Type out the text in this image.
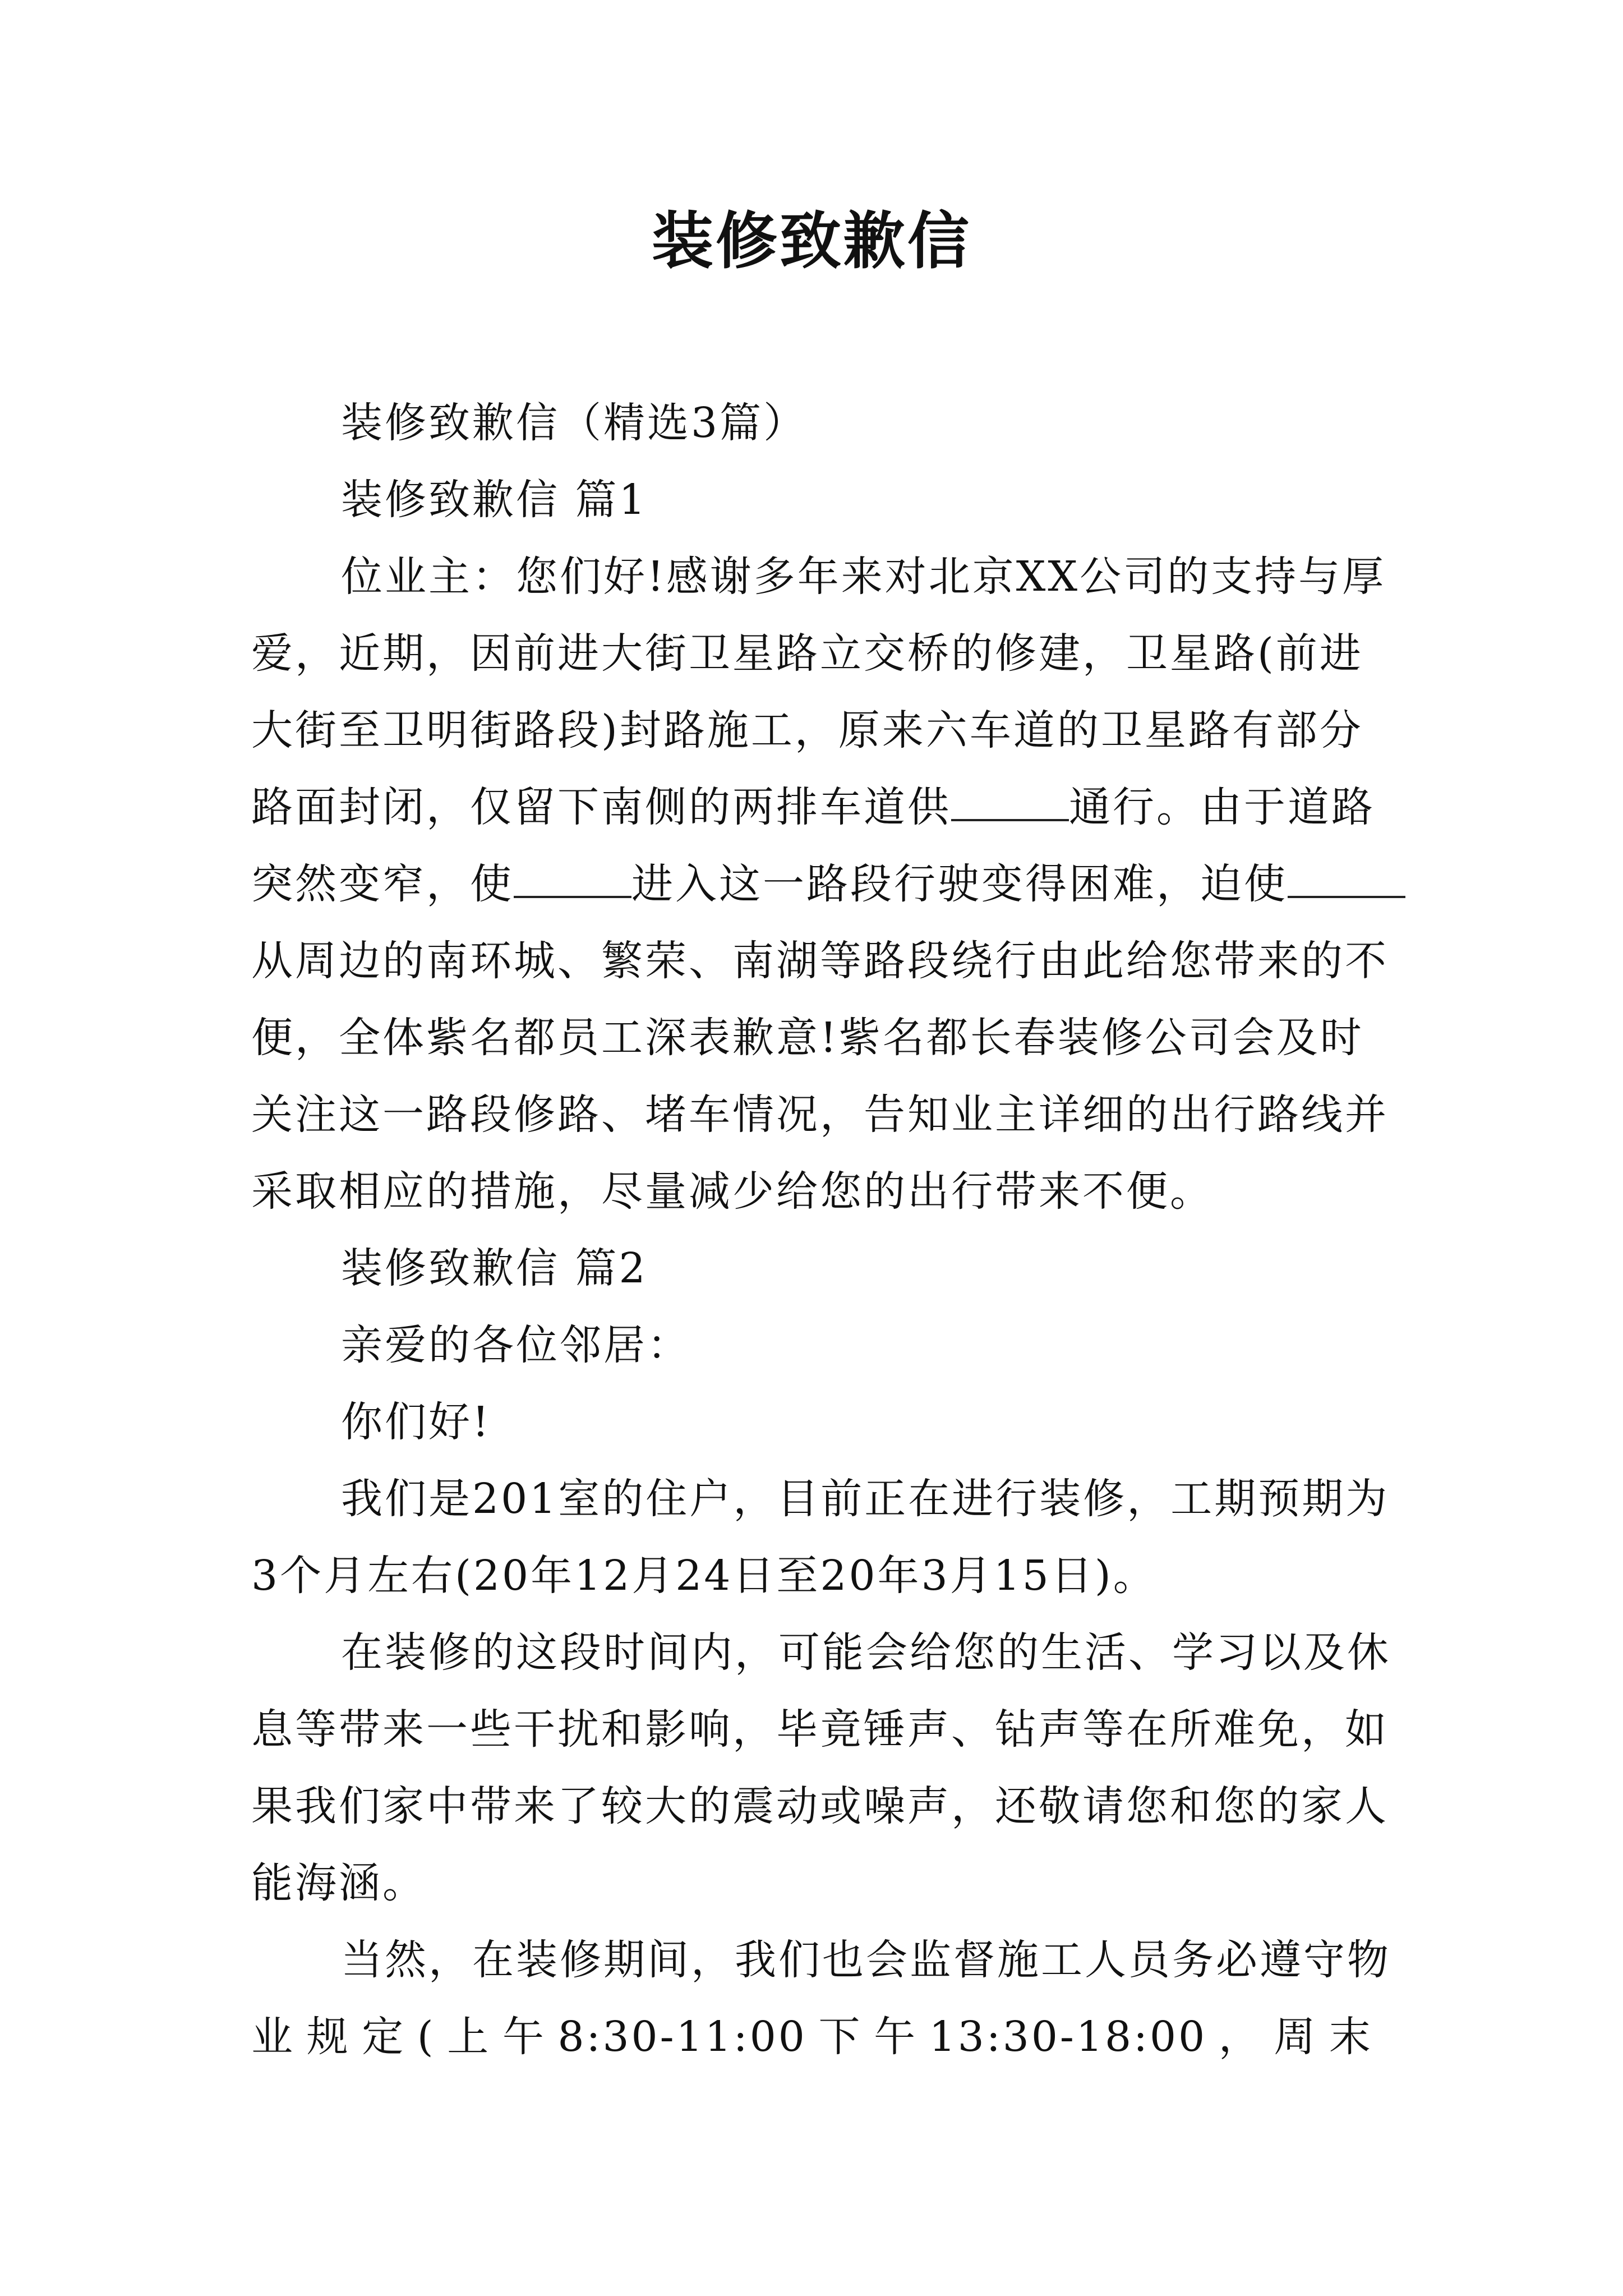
装修致歉信
装修致歉信（精选3篇）
装修致歉信 篇1
位业主：您们好!感谢多年来对北京XX公司的支持与厚
爱，近期，因前进大街卫星路立交桥的修建，卫星路(前进
大街至卫明街路段)封路施工，原来六车道的卫星路有部分
路面封闭，仅留下南侧的两排车道供	通行。由于道路
突然变窄，使	进入这一路段行驶变得困难，迫使
从周边的南环城、繁荣、南湖等路段绕行由此给您带来的不
便，全体紫名都员工深表歉意!紫名都长春装修公司会及时
关注这一路段修路、堵车情况，告知业主详细的出行路线并
采取相应的措施，尽量减少给您的出行带来不便。
装修致歉信 篇2
亲爱的各位邻居：
你们好!
我们是201室的住户，目前正在进行装修，工期预期为
3个月左右(20年12月24日至20年3月15日)。
在装修的这段时间内，可能会给您的生活、学习以及休
息等带来一些干扰和影响，毕竟锤声、钻声等在所难免，如
果我们家中带来了较大的震动或噪声，还敬请您和您的家人
能海涵。
当然，在装修期间，我们也会监督施工人员务必遵守物
业 规 定 ( 上 午 8:30-11:00 下 午 13:30-18:00 ， 周 末
